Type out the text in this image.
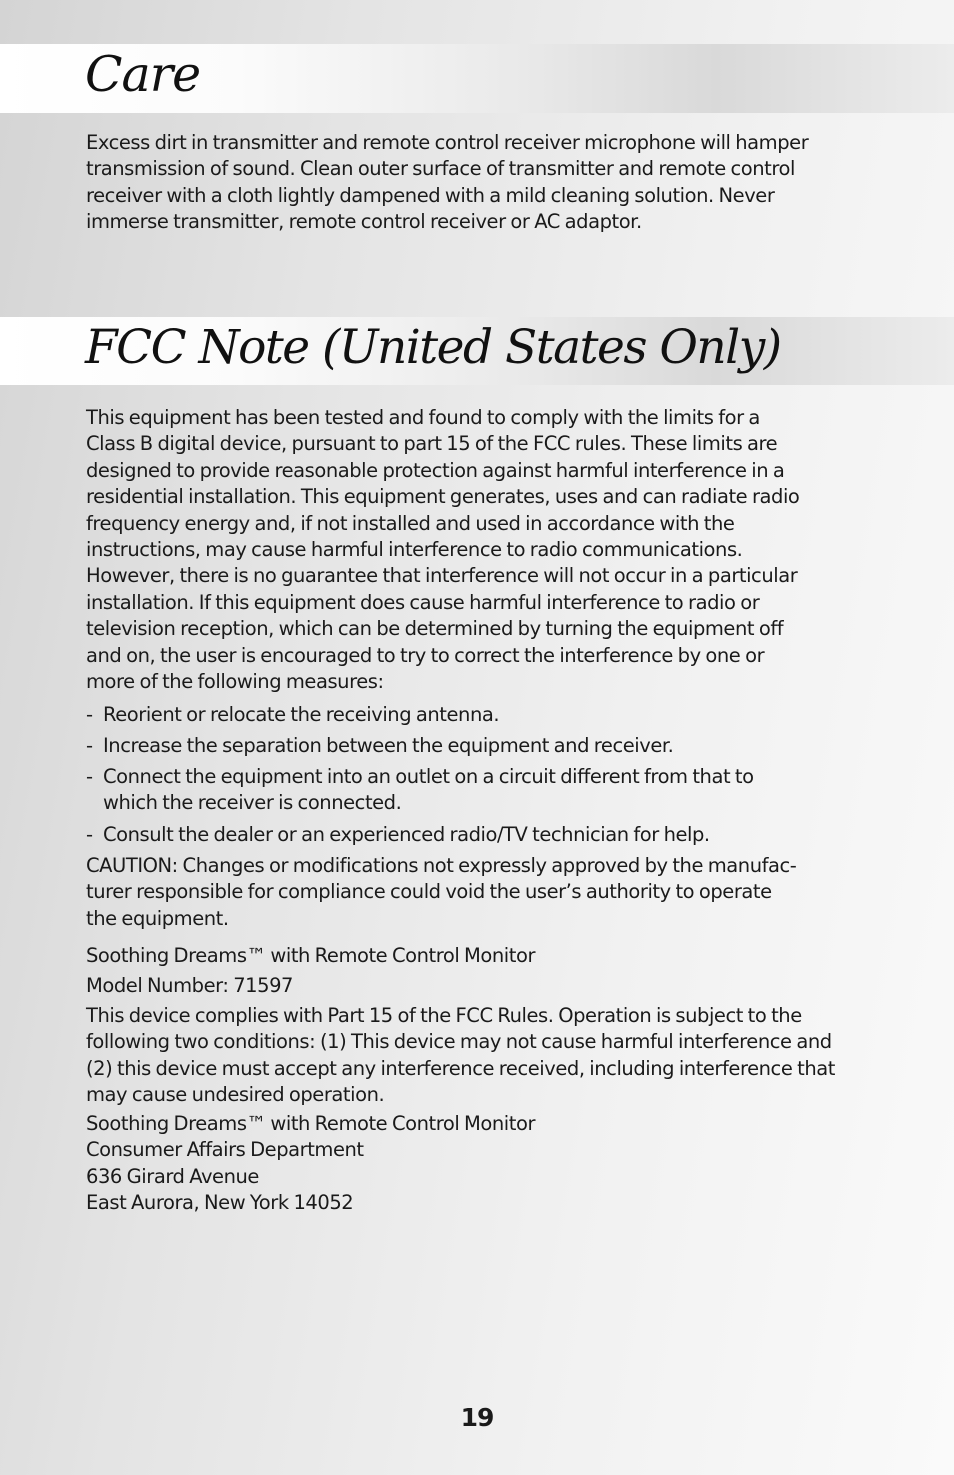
Care

Excess dirt in transmitter and remote control receiver microphone will hamper
transmission of sound. Clean outer surface of transmitter and remote control
receiver with a cloth lightly dampened with a mild cleaning solution. Never
immerse transmitter, remote control receiver or AC adaptor.

FCC Note (United States Only)

This equipment has been tested and found to comply with the limits for a
Class B digital device, pursuant to part 15 of the FCC rules. These limits are
designed to provide reasonable protection against harmful interference in a
residential installation. This equipment generates, uses and can radiate radio
frequency energy and, if not installed and used in accordance with the
instructions, may cause harmful interference to radio communications.
However, there is no guarantee that interference will not occur in a particular
installation. If this equipment does cause harmful interference to radio or
television reception, which can be determined by turning the equipment off
and on, the user is encouraged to try to correct the interference by one or
more of the following measures:

- Reorient or relocate the receiving antenna.
- Increase the separation between the equipment and receiver.
- Connect the equipment into an outlet on a circuit different from that to
which the receiver is connected.
- Consult the dealer or an experienced radio/TV technician for help.

CAUTION: Changes or modifications not expressly approved by the manufac-
turer responsible for compliance could void the user’s authority to operate
the equipment.

Soothing Dreams™ with Remote Control Monitor

Model Number: 71597

This device complies with Part 15 of the FCC Rules. Operation is subject to the
following two conditions: (1) This device may not cause harmful interference and
(2) this device must accept any interference received, including interference that
may cause undesired operation.

Soothing Dreams™ with Remote Control Monitor
Consumer Affairs Department
636 Girard Avenue
East Aurora, New York 14052

19
